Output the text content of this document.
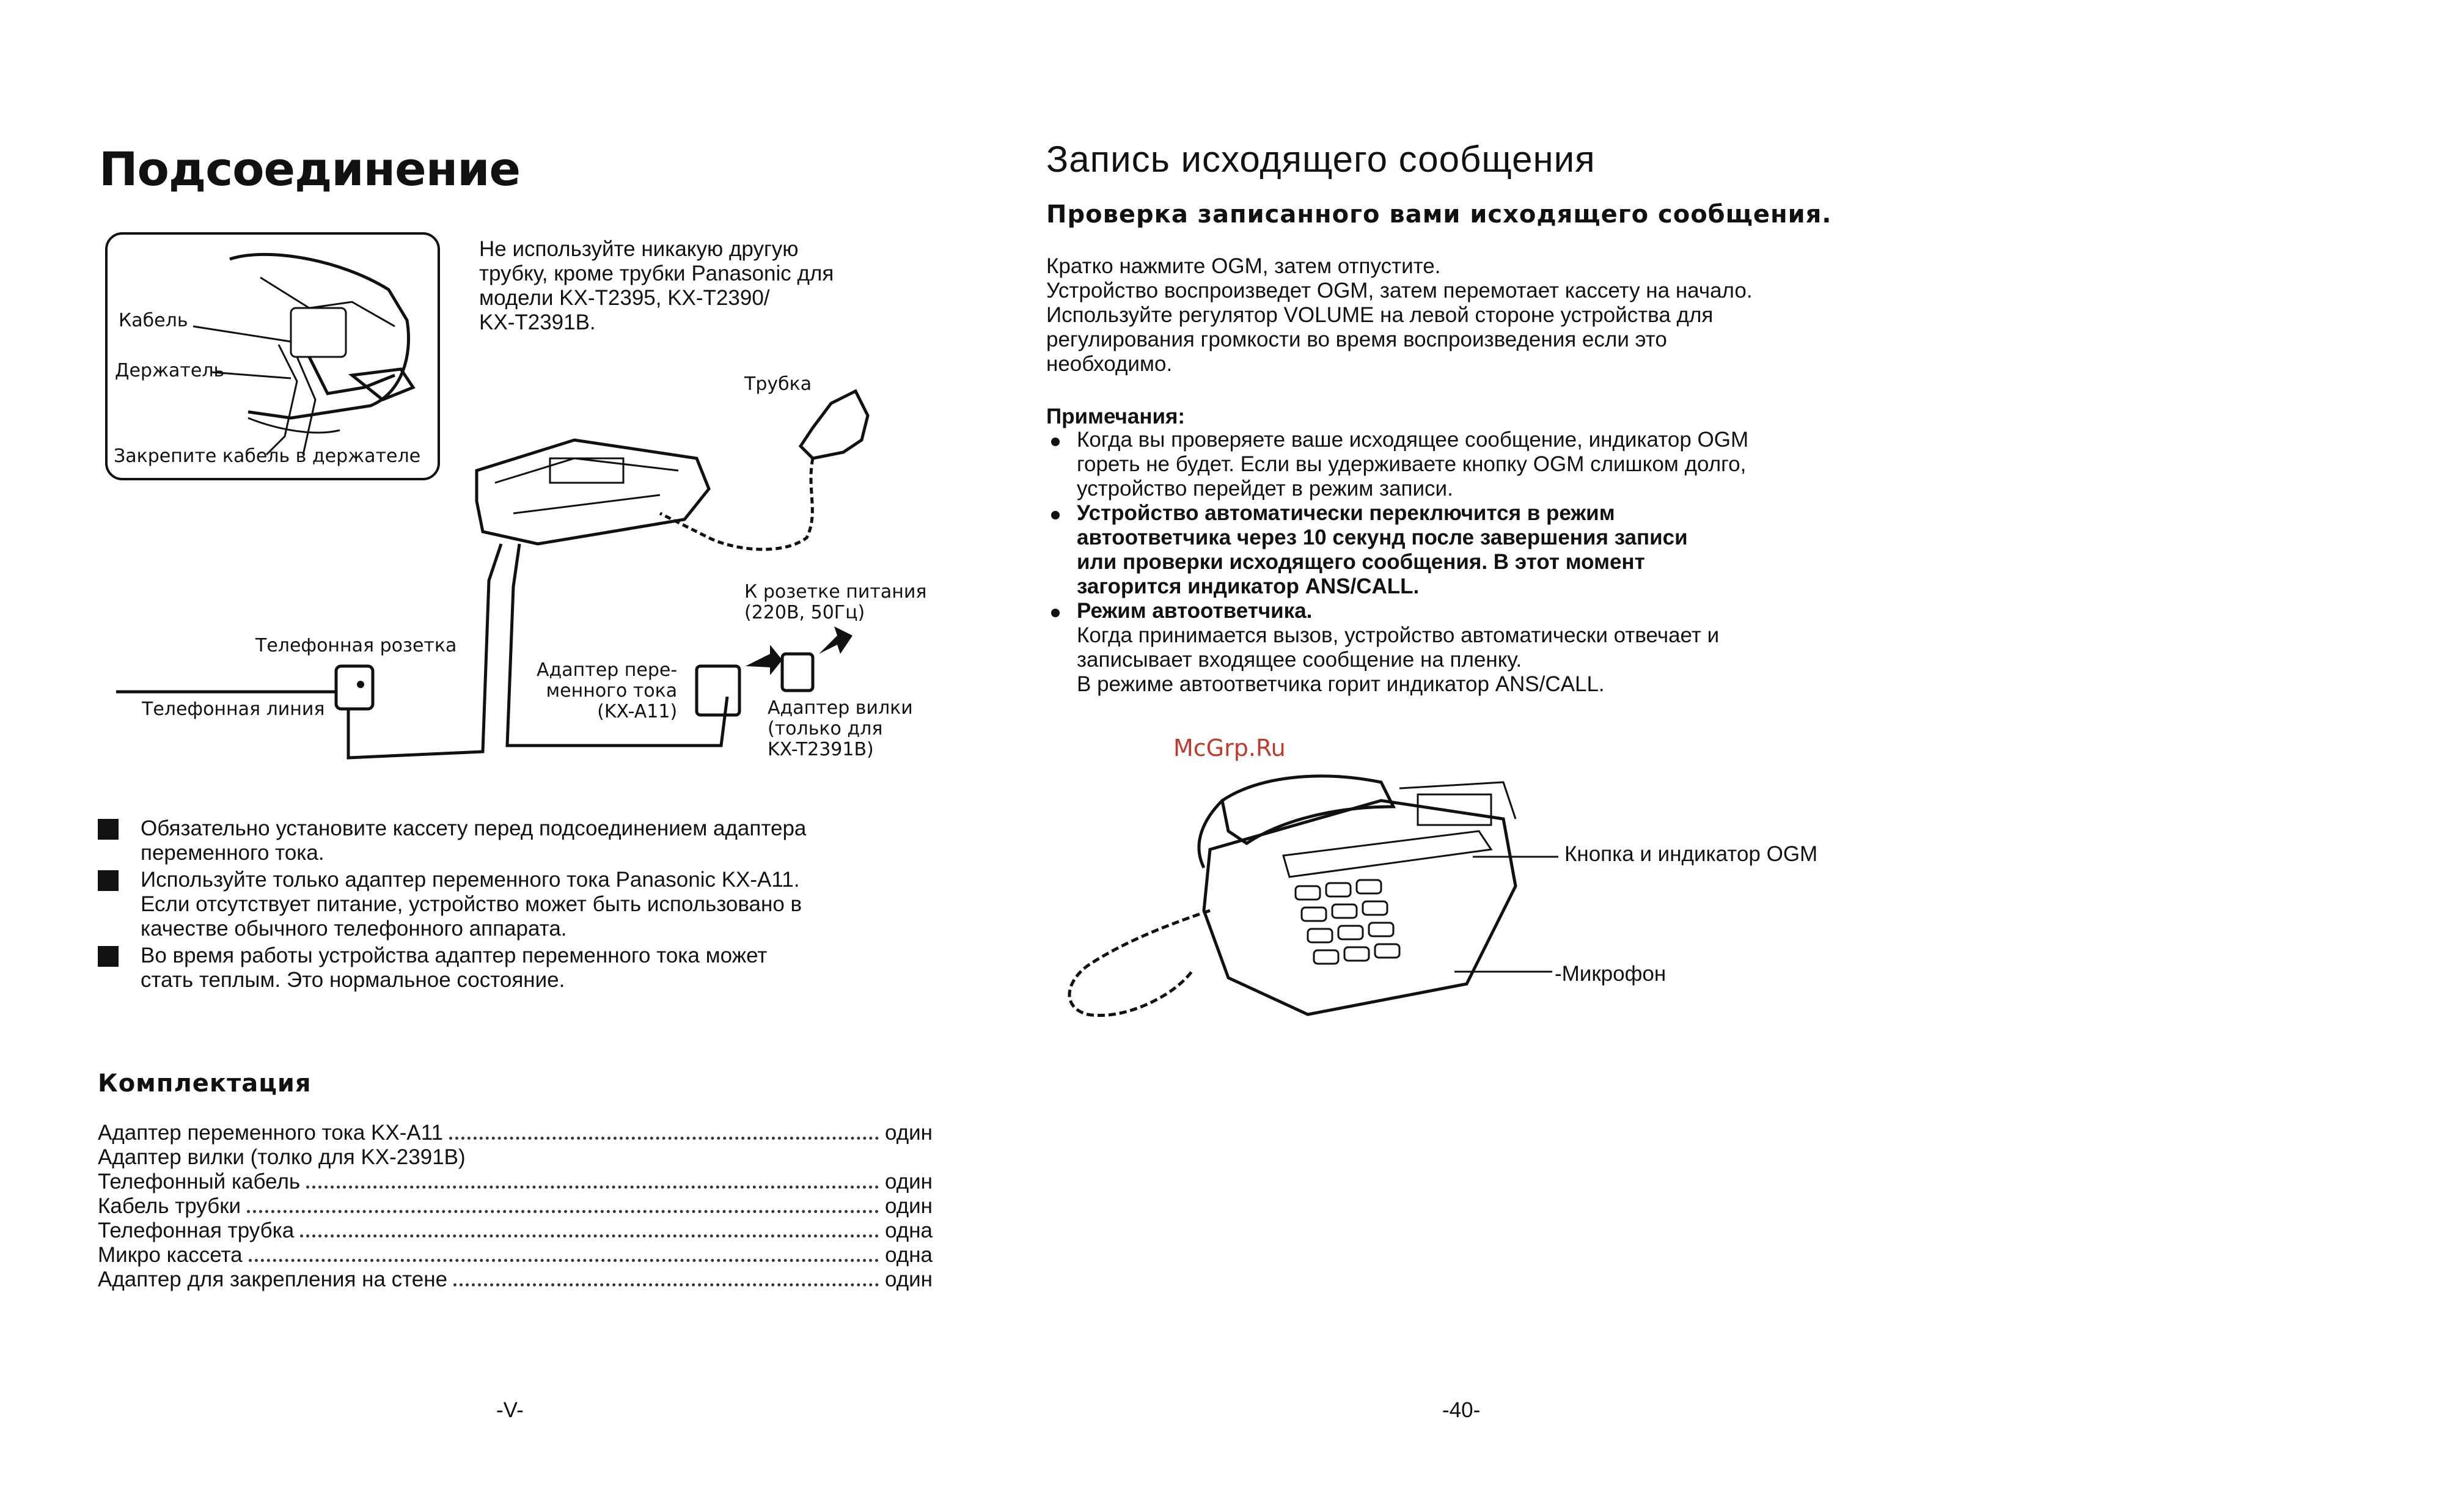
Подсоединение
Кабель
Держатель
Закрепите кабель в держателе
Не используйте никакую другую
трубку, кроме трубки Panasonic для
модели KX-T2395, KX-T2390/
KX-T2391B.
Трубка
К розетке питания
(220В, 50Гц)
Телефонная розетка
Телефонная линия
Адаптер пере-
менного тока
(KX-A11)	Адаптер вилки
(только для
KX-T2391B)
Обязательно установите кассету перед подсоединением адаптера
переменного тока.
Используйте только адаптер переменного тока Panasonic KX-A11.
Если отсутствует питание, устройство может быть использовано в
качестве обычного телефонного аппарата.
Во время работы устройства адаптер переменного тока может
стать теплым. Это нормальное состояние.
Комплектация
Адаптер переменного тока KX-A11	один
Адаптер вилки (толко для KX-2391B)
Телефонный кабель	один
Кабель трубки	один
Телефонная трубка	одна
Микро кассета	одна
Адаптер для закрепления на стене	один
-V-
Запись исходящего сообщения
Проверка записанного вами исходящего сообщения.
Кратко нажмите OGM, затем отпустите.
Устройство воспроизведет OGM, затем перемотает кассету на начало.
Используйте регулятор VOLUME на левой стороне устройства для
регулирования громкости во время воспроизведения если это
необходимо.
Примечания:
Когда вы проверяете ваше исходящее сообщение, индикатор OGM
гореть не будет. Если вы удерживаете кнопку OGM слишком долго,
устройство перейдет в режим записи.
Устройство автоматически переключится в режим
автоответчика через 10 секунд после завершения записи
или проверки исходящего сообщения. В этот момент
загорится индикатор ANS/CALL.
Режим автоответчика.
Когда принимается вызов, устройство автоматически отвечает и
записывает входящее сообщение на пленку.
В режиме автоответчика горит индикатор ANS/CALL.
McGrp.Ru
Кнопка и индикатор OGM
-Микрофон
-40-
